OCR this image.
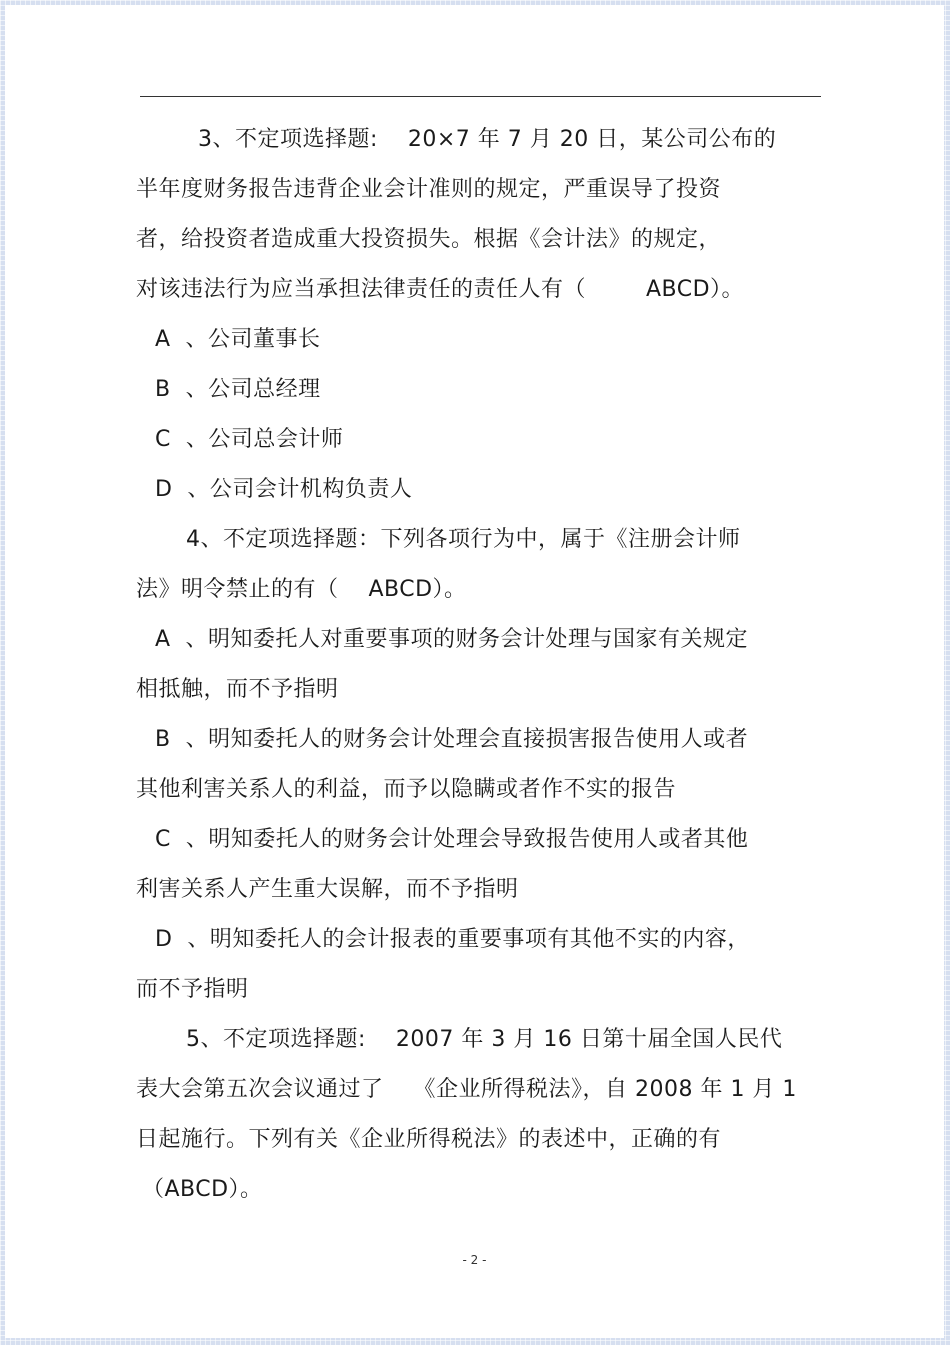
3、不定项选择题:    20×7 年 7 月 20 日，某公司公布的
半年度财务报告违背企业会计准则的规定，严重误导了投资
者，给投资者造成重大投资损失。根据《会计法》的规定，
对该违法行为应当承担法律责任的责任人有（        ABCD）。
A  、公司董事长
B  、公司总经理
C  、公司总会计师
D  、公司会计机构负责人
4、不定项选择题：下列各项行为中，属于《注册会计师
法》明令禁止的有（    ABCD）。
A  、明知委托人对重要事项的财务会计处理与国家有关规定
相抵触，而不予指明
B  、明知委托人的财务会计处理会直接损害报告使用人或者
其他利害关系人的利益，而予以隐瞒或者作不实的报告
C  、明知委托人的财务会计处理会导致报告使用人或者其他
利害关系人产生重大误解，而不予指明
D  、明知委托人的会计报表的重要事项有其他不实的内容，
而不予指明
5、不定项选择题:    2007 年 3 月 16 日第十届全国人民代
表大会第五次会议通过了    《企业所得税法》，自 2008 年 1 月 1
日起施行。下列有关《企业所得税法》的表述中，正确的有
（ABCD）。
- 2 -
